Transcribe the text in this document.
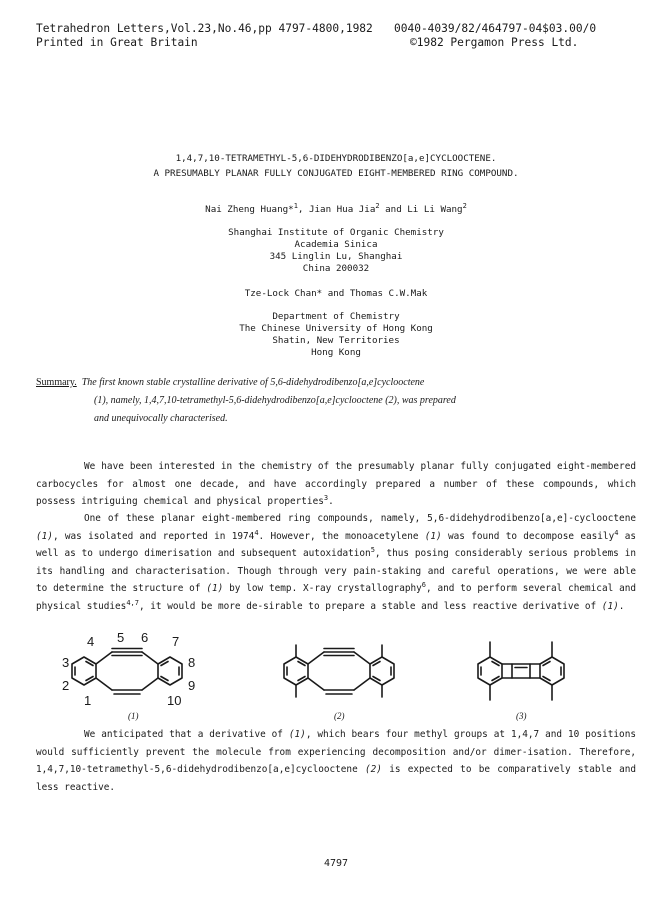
Tetrahedron Letters,Vol.23,No.46,pp 4797-4800,1982
Printed in Great Britain
0040-4039/82/464797-04$03.00/0
©1982 Pergamon Press Ltd.
1,4,7,10-TETRAMETHYL-5,6-DIDEHYDRODIBENZO[a,e]CYCLOOCTENE.
A PRESUMABLY PLANAR FULLY CONJUGATED EIGHT-MEMBERED RING COMPOUND.
Nai Zheng Huang*$^1$, Jian Hua Jia$^2$ and Li Li Wang$^2$
Shanghai Institute of Organic Chemistry
Academia Sinica
345 Linglin Lu, Shanghai
China 200032
Tze-Lock Chan* and Thomas C.W.Mak
Department of Chemistry
The Chinese University of Hong Kong
Shatin, New Territories
Hong Kong
Summary. The first known stable crystalline derivative of 5,6-didehydrodibenzo[a,e]cyclooctene
(1), namely, 1,4,7,10-tetramethyl-5,6-didehydrodibenzo[a,e]cyclooctene (2), was prepared
and unequivocally characterised.

We have been interested in the chemistry of the presumably planar fully conjugated eight-membered carbocycles for almost one decade, and have accordingly prepared a number of these compounds, which possess intriguing chemical and physical properties$^3$.

One of these planar eight-membered ring compounds, namely, 5,6-didehydrodibenzo[a,e]-cyclooctene (1), was isolated and reported in 1974$^4$. However, the monoacetylene (1) was found to decompose easily$^4$ as well as to undergo dimerisation and subsequent autoxidation$^5$, thus posing considerably serious problems in its handling and characterisation. Though through very pain-staking and careful operations, we were able to determine the structure of (1) by low temp. X-ray crystallography$^6$, and to perform several chemical and physical studies$^{4,7}$, it would be more de-sirable to prepare a stable and less reactive derivative of (1).

4 5 6 7
3	8
2	9
1	10
(1)	(2)	(3)

We anticipated that a derivative of (1), which bears four methyl groups at 1,4,7 and 10 positions would sufficiently prevent the molecule from experiencing decomposition and/or dimer-isation. Therefore, 1,4,7,10-tetramethyl-5,6-didehydrodibenzo[a,e]cyclooctene (2) is expected to be comparatively stable and less reactive.

4797
